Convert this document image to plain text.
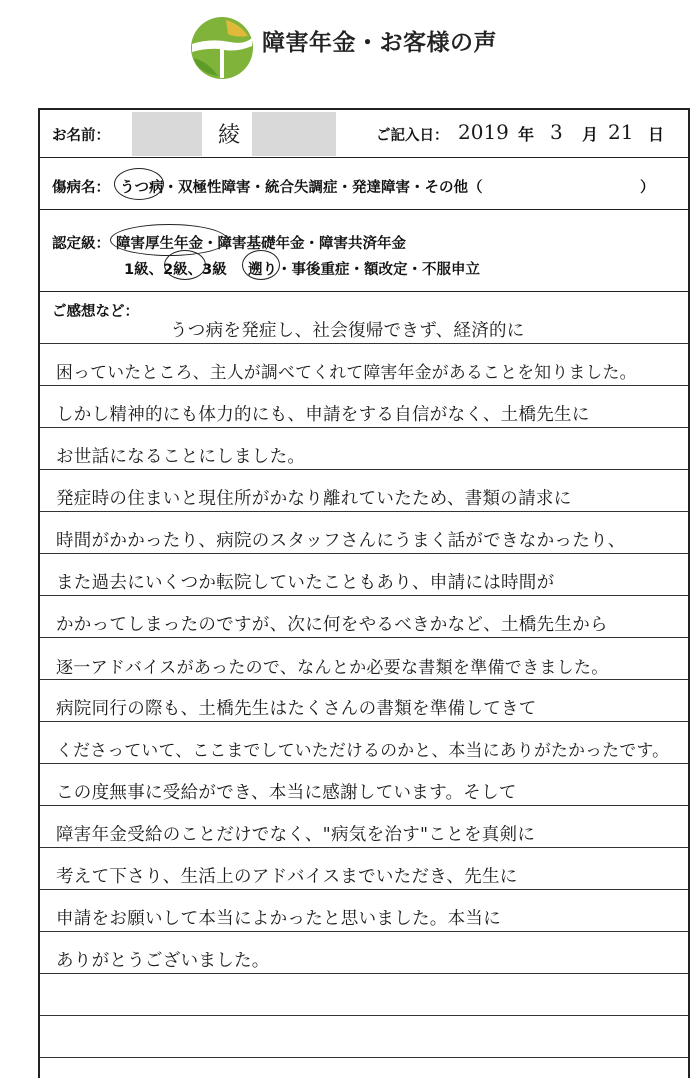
障害年金・お客様の声
お名前：	綾	ご記入日： 2019 年 3 月 21 日
傷病名： うつ病・双極性障害・統合失調症・発達障害・その他（	）
認定級： 障害厚生年金・障害基礎年金・障害共済年金
1級、2級、3級 遡り・事後重症・額改定・不服申立
ご感想など：
うつ病を発症し、社会復帰できず、経済的に
困っていたところ、主人が調べてくれて障害年金があることを知りました。
しかし精神的にも体力的にも、申請をする自信がなく、土橋先生に
お世話になることにしました。
発症時の住まいと現住所がかなり離れていたため、書類の請求に
時間がかかったり、病院のスタッフさんにうまく話ができなかったり、
また過去にいくつか転院していたこともあり、申請には時間が
かかってしまったのですが、次に何をやるべきかなど、土橋先生から
逐一アドバイスがあったので、なんとか必要な書類を準備できました。
病院同行の際も、土橋先生はたくさんの書類を準備してきて
くださっていて、ここまでしていただけるのかと、本当にありがたかったです。
この度無事に受給ができ、本当に感謝しています。そして
障害年金受給のことだけでなく、"病気を治す"ことを真剣に
考えて下さり、生活上のアドバイスまでいただき、先生に
申請をお願いして本当によかったと思いました。本当に
ありがとうございました。
